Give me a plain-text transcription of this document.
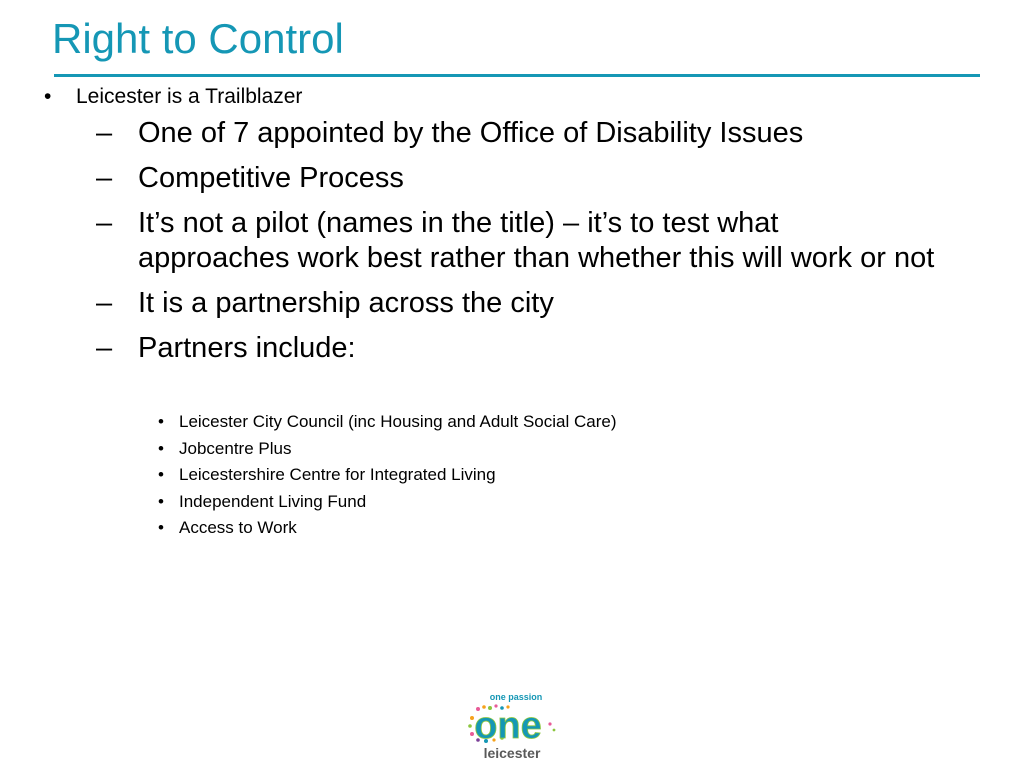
Right to Control
• Leicester is a Trailblazer
– One of 7 appointed by the Office of Disability Issues
– Competitive Process
– It’s not a pilot (names in the title) – it’s to test what approaches work best rather than whether this will work or not
– It is a partnership across the city
– Partners include:
• Leicester City Council (inc Housing and Adult Social Care)
• Jobcentre Plus
• Leicestershire Centre for Integrated Living
• Independent Living Fund
• Access to Work
one passion
one
leicester
